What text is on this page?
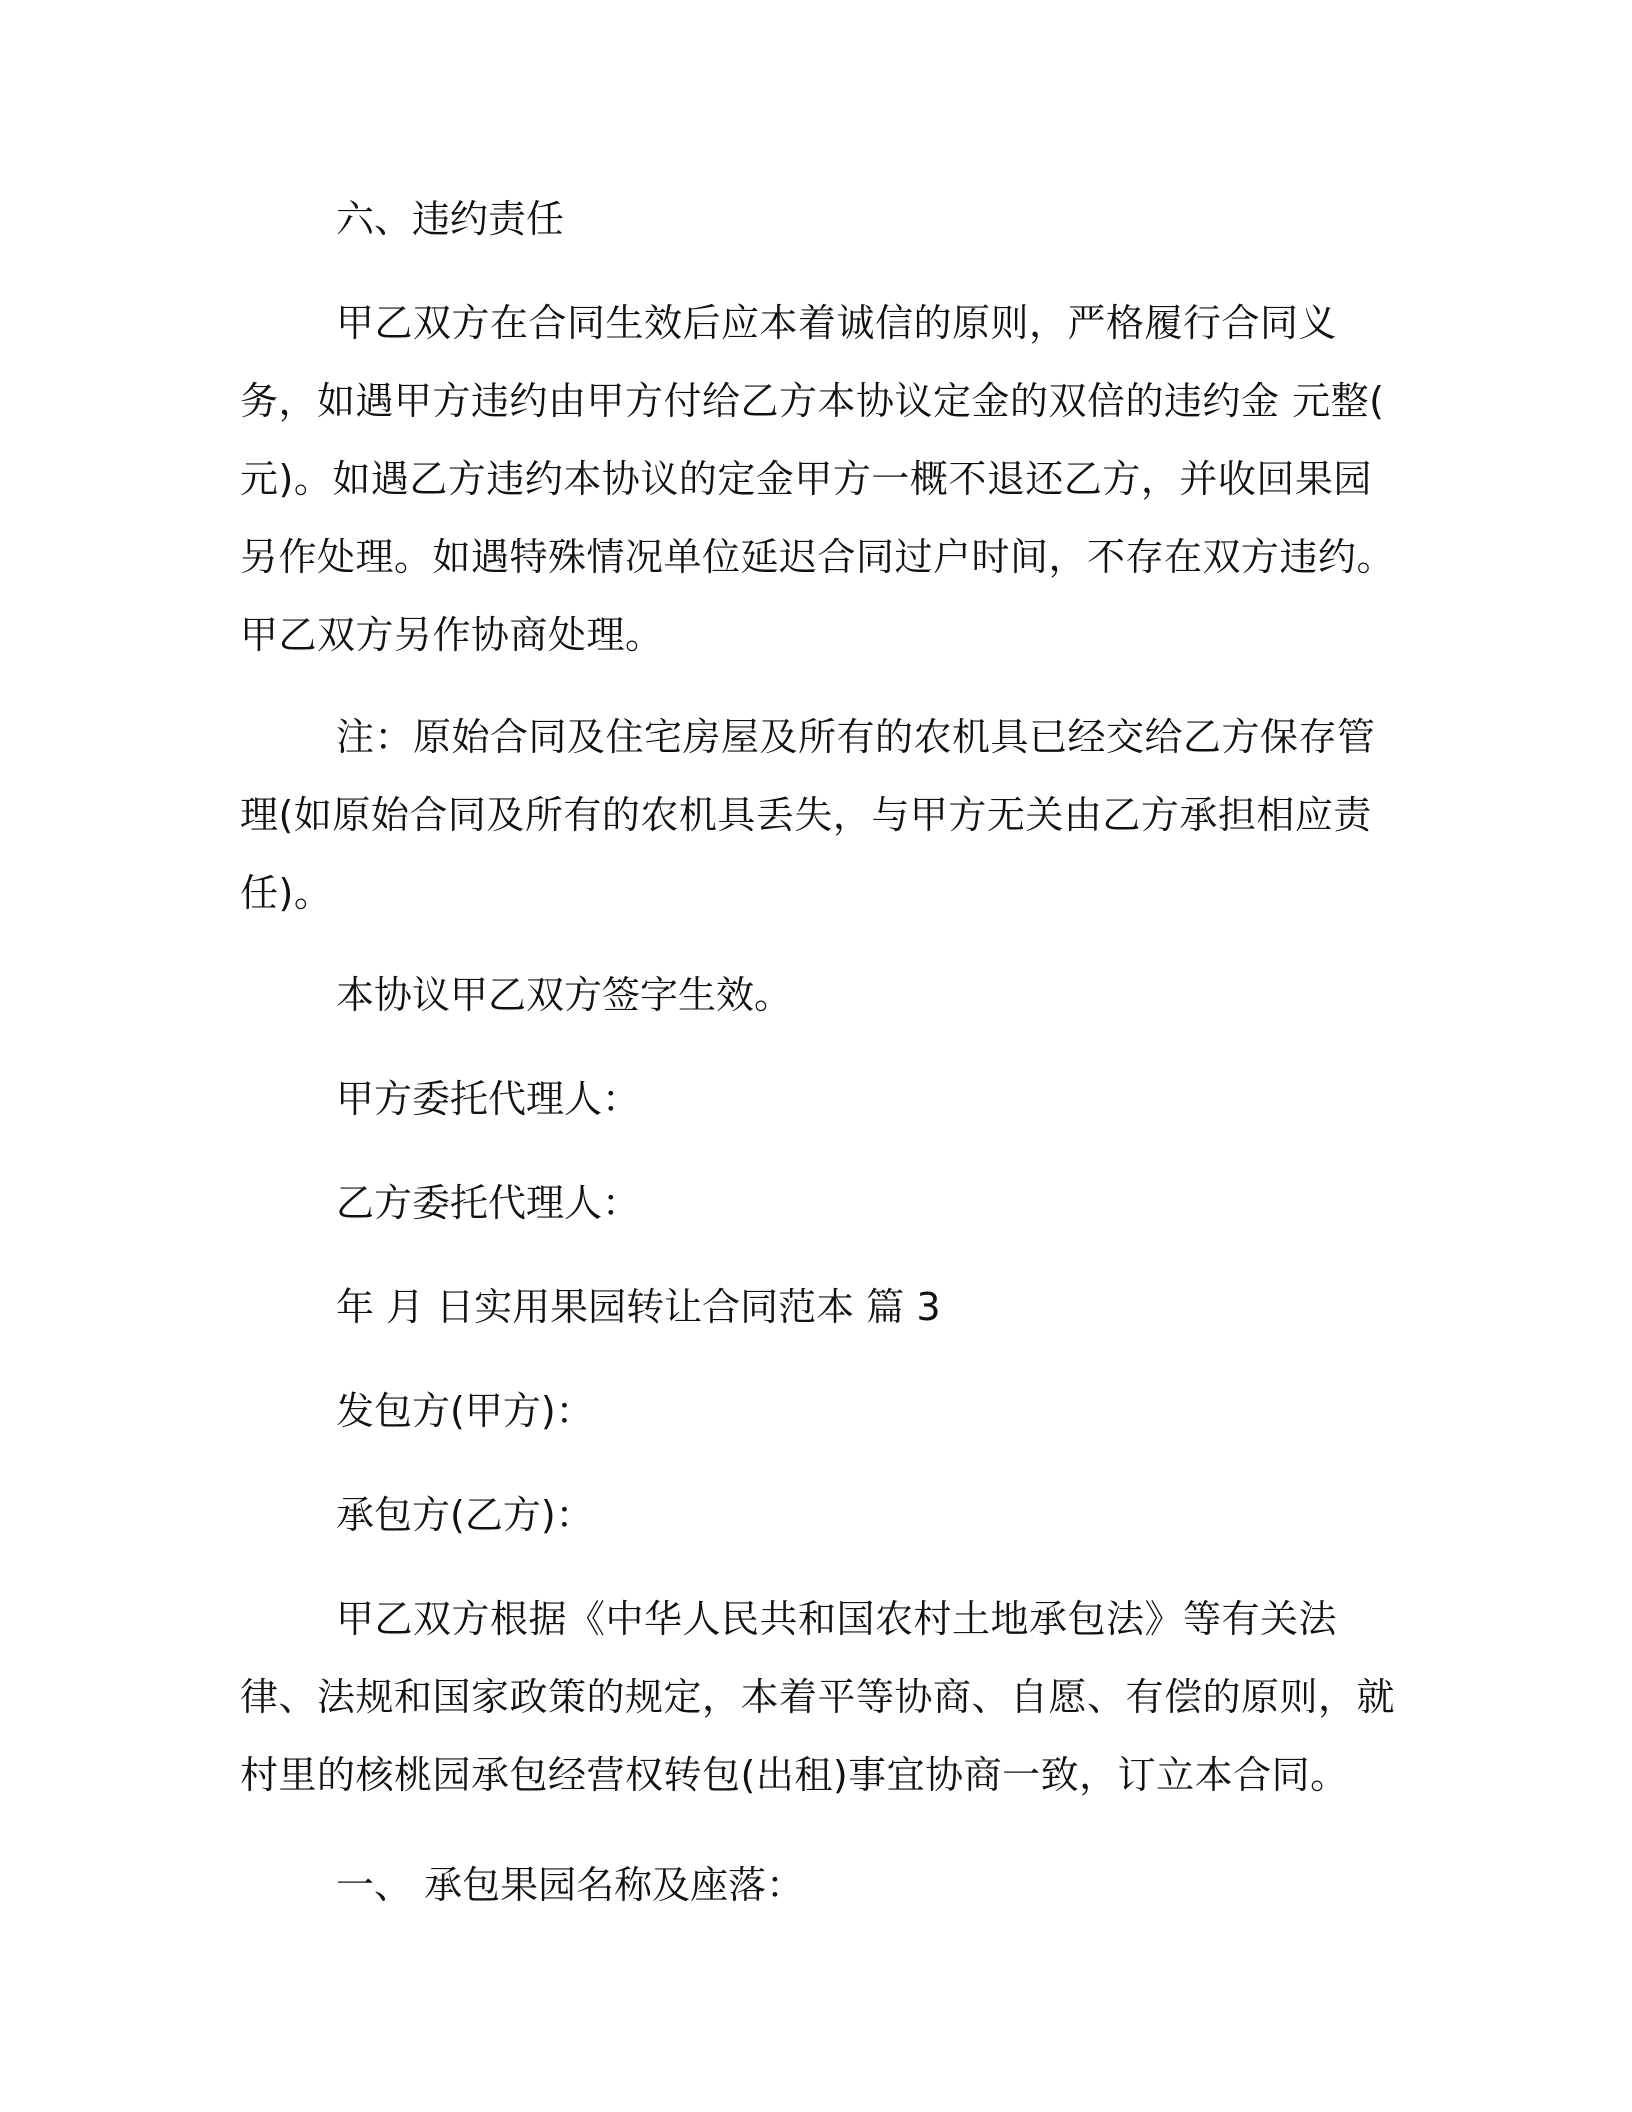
六、违约责任
甲乙双方在合同生效后应本着诚信的原则，严格履行合同义务，如遇甲方违约由甲方付给乙方本协议定金的双倍的违约金 元整( 元)。如遇乙方违约本协议的定金甲方一概不退还乙方，并收回果园另作处理。如遇特殊情况单位延迟合同过户时间，不存在双方违约。甲乙双方另作协商处理。
注：原始合同及住宅房屋及所有的农机具已经交给乙方保存管理(如原始合同及所有的农机具丢失，与甲方无关由乙方承担相应责任)。
本协议甲乙双方签字生效。
甲方委托代理人：
乙方委托代理人：
年 月 日实用果园转让合同范本 篇 3
发包方(甲方)：
承包方(乙方)：
甲乙双方根据《中华人民共和国农村土地承包法》等有关法律、法规和国家政策的规定，本着平等协商、自愿、有偿的原则，就 村里的核桃园承包经营权转包(出租)事宜协商一致，订立本合同。
一、 承包果园名称及座落：
